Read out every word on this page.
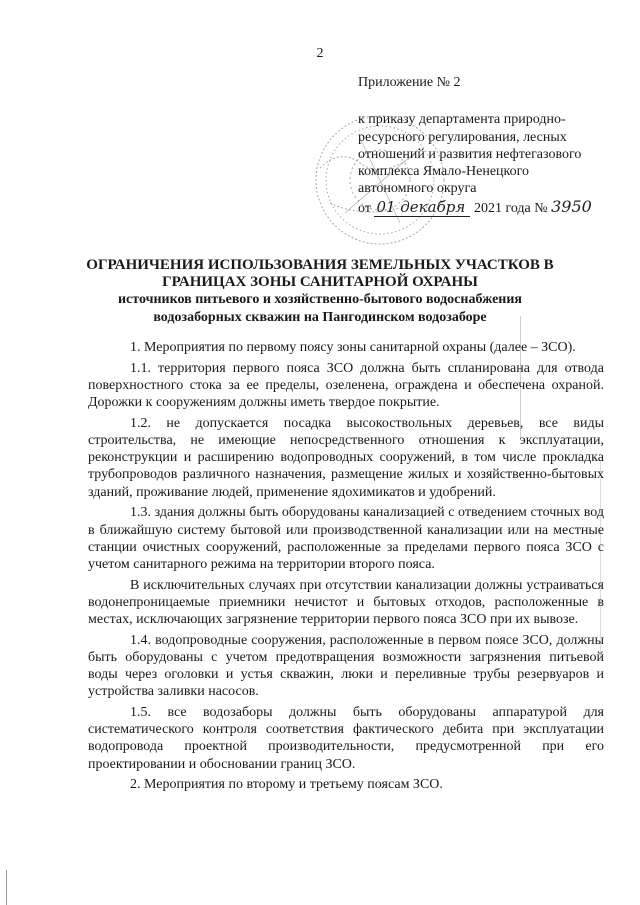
2
Приложение № 2
к приказу департамента природно-
ресурсного регулирования, лесных
отношений и развития нефтегазового
комплекса Ямало-Ненецкого
автономного округа
от 01 декабря 2021 года № 3950
ОГРАНИЧЕНИЯ ИСПОЛЬЗОВАНИЯ ЗЕМЕЛЬНЫХ УЧАСТКОВ В
ГРАНИЦАХ ЗОНЫ САНИТАРНОЙ ОХРАНЫ
источников питьевого и хозяйственно-бытового водоснабжения
водозаборных скважин на Пангодинском водозаборе

1. Мероприятия по первому поясу зоны санитарной охраны (далее – ЗСО).

1.1. территория первого пояса ЗСО должна быть спланирована для отвода поверхностного стока за ее пределы, озеленена, ограждена и обеспечена охраной. Дорожки к сооружениям должны иметь твердое покрытие.

1.2. не допускается посадка высокоствольных деревьев, все виды строительства, не имеющие непосредственного отношения к эксплуатации, реконструкции и расширению водопроводных сооружений, в том числе прокладка трубопроводов различного назначения, размещение жилых и хозяйственно-бытовых зданий, проживание людей, применение ядохимикатов и удобрений.

1.3. здания должны быть оборудованы канализацией с отведением сточных вод в ближайшую систему бытовой или производственной канализации или на местные станции очистных сооружений, расположенные за пределами первого пояса ЗСО с учетом санитарного режима на территории второго пояса.

В исключительных случаях при отсутствии канализации должны устраиваться водонепроницаемые приемники нечистот и бытовых отходов, расположенные в местах, исключающих загрязнение территории первого пояса ЗСО при их вывозе.

1.4. водопроводные сооружения, расположенные в первом поясе ЗСО, должны быть оборудованы с учетом предотвращения возможности загрязнения питьевой воды через оголовки и устья скважин, люки и переливные трубы резервуаров и устройства заливки насосов.

1.5. все водозаборы должны быть оборудованы аппаратурой для систематического контроля соответствия фактического дебита при эксплуатации водопровода проектной производительности, предусмотренной при его проектировании и обосновании границ ЗСО.

2. Мероприятия по второму и третьему поясам ЗСО.
